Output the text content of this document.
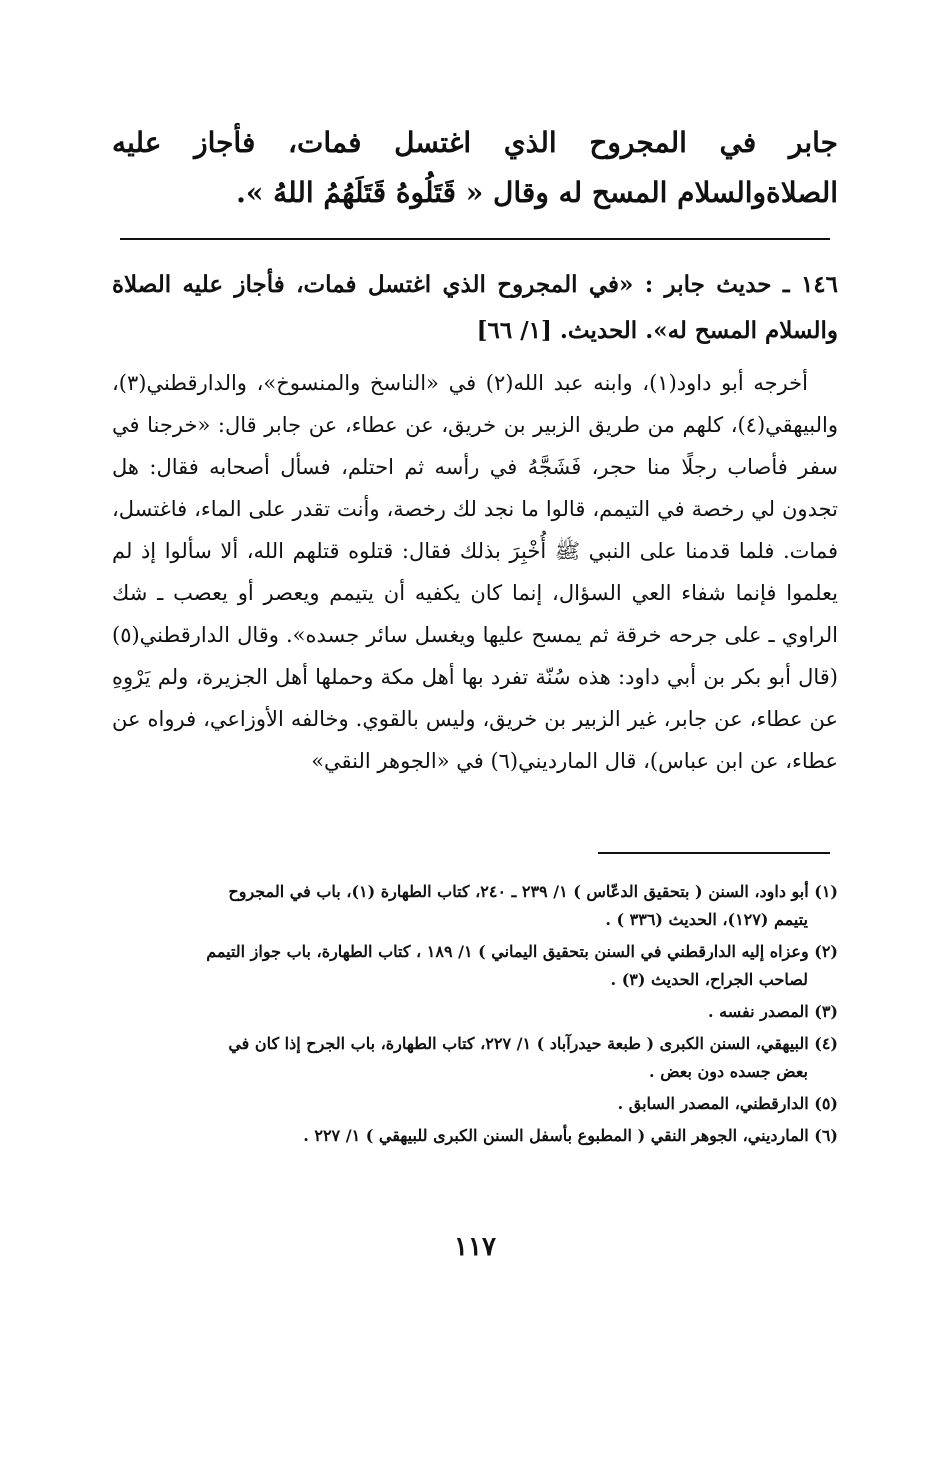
جابر في المجروح الذي اغتسل فمات، فأجاز عليه الصلاةوالسلام المسح له وقال « قَتَلُوهُ قَتَلَهُمُ اللهُ ».
١٤٦ ـ حديث جابر : «في المجروح الذي اغتسل فمات، فأجاز عليه الصلاة والسلام المسح له». الحديث. [١/ ٦٦]

أخرجه أبو داود(١)، وابنه عبد الله(٢) في «الناسخ والمنسوخ»، والدارقطني(٣)، والبيهقي(٤)، كلهم من طريق الزبير بن خريق، عن عطاء، عن جابر قال: «خرجنا في سفر فأصاب رجلًا منا حجر، فَشَجَّهُ في رأسه ثم احتلم، فسأل أصحابه فقال: هل تجدون لي رخصة في التيمم، قالوا ما نجد لك رخصة، وأنت تقدر على الماء، فاغتسل، فمات. فلما قدمنا على النبي ﷺ أُخْبِرَ بذلك فقال: قتلوه قتلهم الله، ألا سألوا إذ لم يعلموا فإنما شفاء العي السؤال، إنما كان يكفيه أن يتيمم ويعصر أو يعصب ـ شك الراوي ـ على جرحه خرقة ثم يمسح عليها ويغسل سائر جسده». وقال الدارقطني(٥) (قال أبو بكر بن أبي داود: هذه سُنّة تفرد بها أهل مكة وحملها أهل الجزيرة، ولم يَرْوِهِ عن عطاء، عن جابر، غير الزبير بن خريق، وليس بالقوي. وخالفه الأوزاعي، فرواه عن عطاء، عن ابن عباس)، قال المارديني(٦) في «الجوهر النقي»

(١) أبو داود، السنن ( بتحقيق الدعّاس ) ١/ ٢٣٩ ـ ٢٤٠، كتاب الطهارة (١)، باب في المجروح
يتيمم (١٢٧)، الحديث (٣٣٦ ) .
(٢) وعزاه إليه الدارقطني في السنن بتحقيق اليماني ) ١/ ١٨٩ ، كتاب الطهارة، باب جواز التيمم
لصاحب الجراح، الحديث (٣) .
(٣) المصدر نفسه .
(٤) البيهقي، السنن الكبرى ( طبعة حيدرآباد ) ١/ ٢٢٧، كتاب الطهارة، باب الجرح إذا كان في
بعض جسده دون بعض .
(٥) الدارقطني، المصدر السابق .
(٦) المارديني، الجوهر النقي ( المطبوع بأسفل السنن الكبرى للبيهقي ) ١/ ٢٢٧ .
١١٧
